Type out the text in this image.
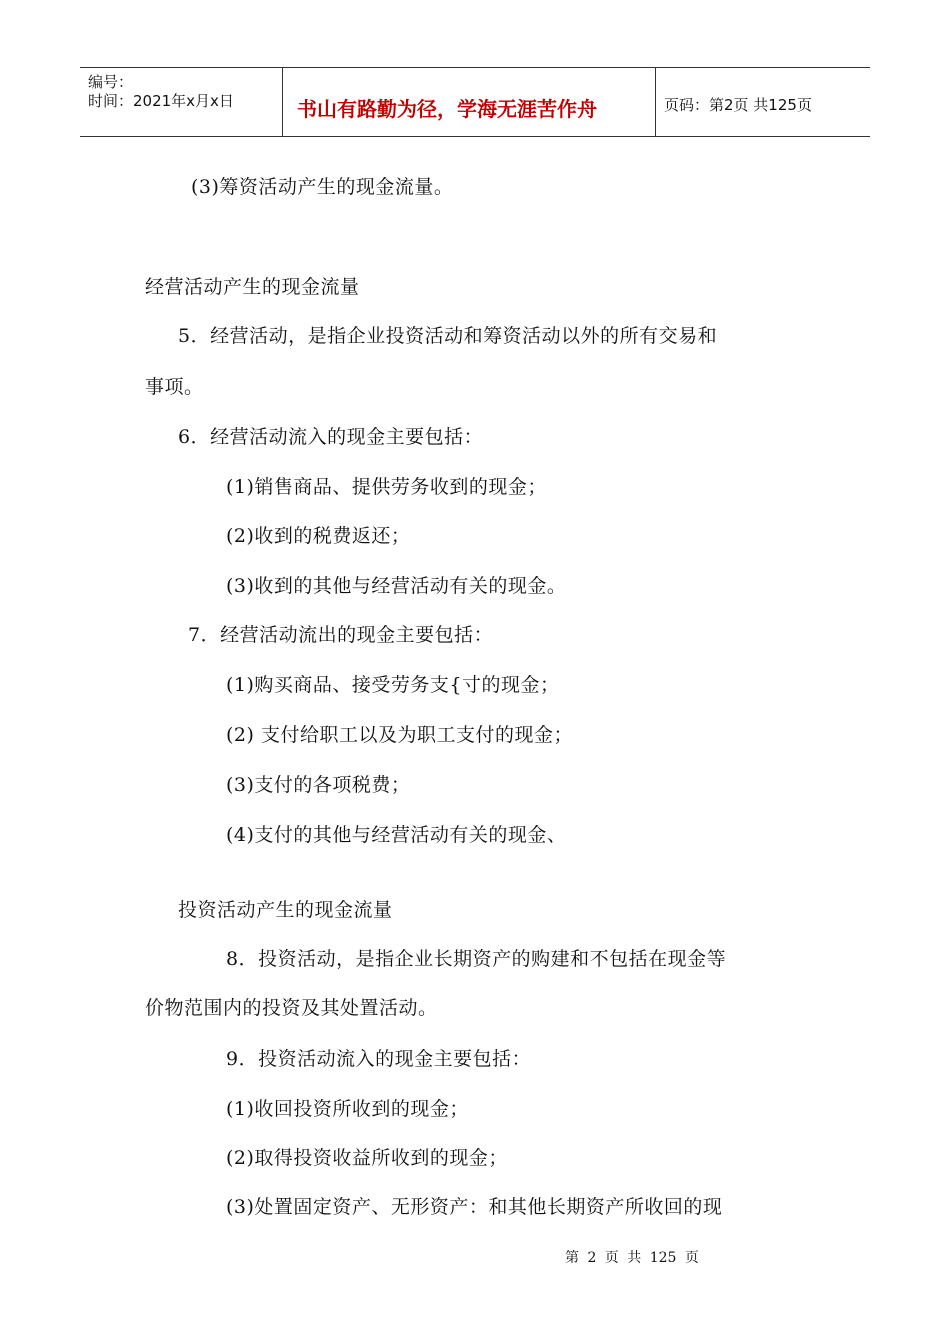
编号：
时间：2021年x月x日	书山有路勤为径，学海无涯苦作舟	页码：第2页 共125页
(3)筹资活动产生的现金流量。
经营活动产生的现金流量
5．经营活动，是指企业投资活动和筹资活动以外的所有交易和
事项。
6．经营活动流入的现金主要包括：
(1)销售商品、提供劳务收到的现金；
(2)收到的税费返还；
(3)收到的其他与经营活动有关的现金。
7．经营活动流出的现金主要包括：
(1)购买商品、接受劳务支{寸的现金；
(2) 支付给职工以及为职工支付的现金；
(3)支付的各项税费；
(4)支付的其他与经营活动有关的现金、
投资活动产生的现金流量
8．投资活动，是指企业长期资产的购建和不包括在现金等
价物范围内的投资及其处置活动。
9．投资活动流入的现金主要包括：
(1)收回投资所收到的现金；
(2)取得投资收益所收到的现金；
(3)处置固定资产、无形资产：和其他长期资产所收回的现
第 2 页 共 125 页
